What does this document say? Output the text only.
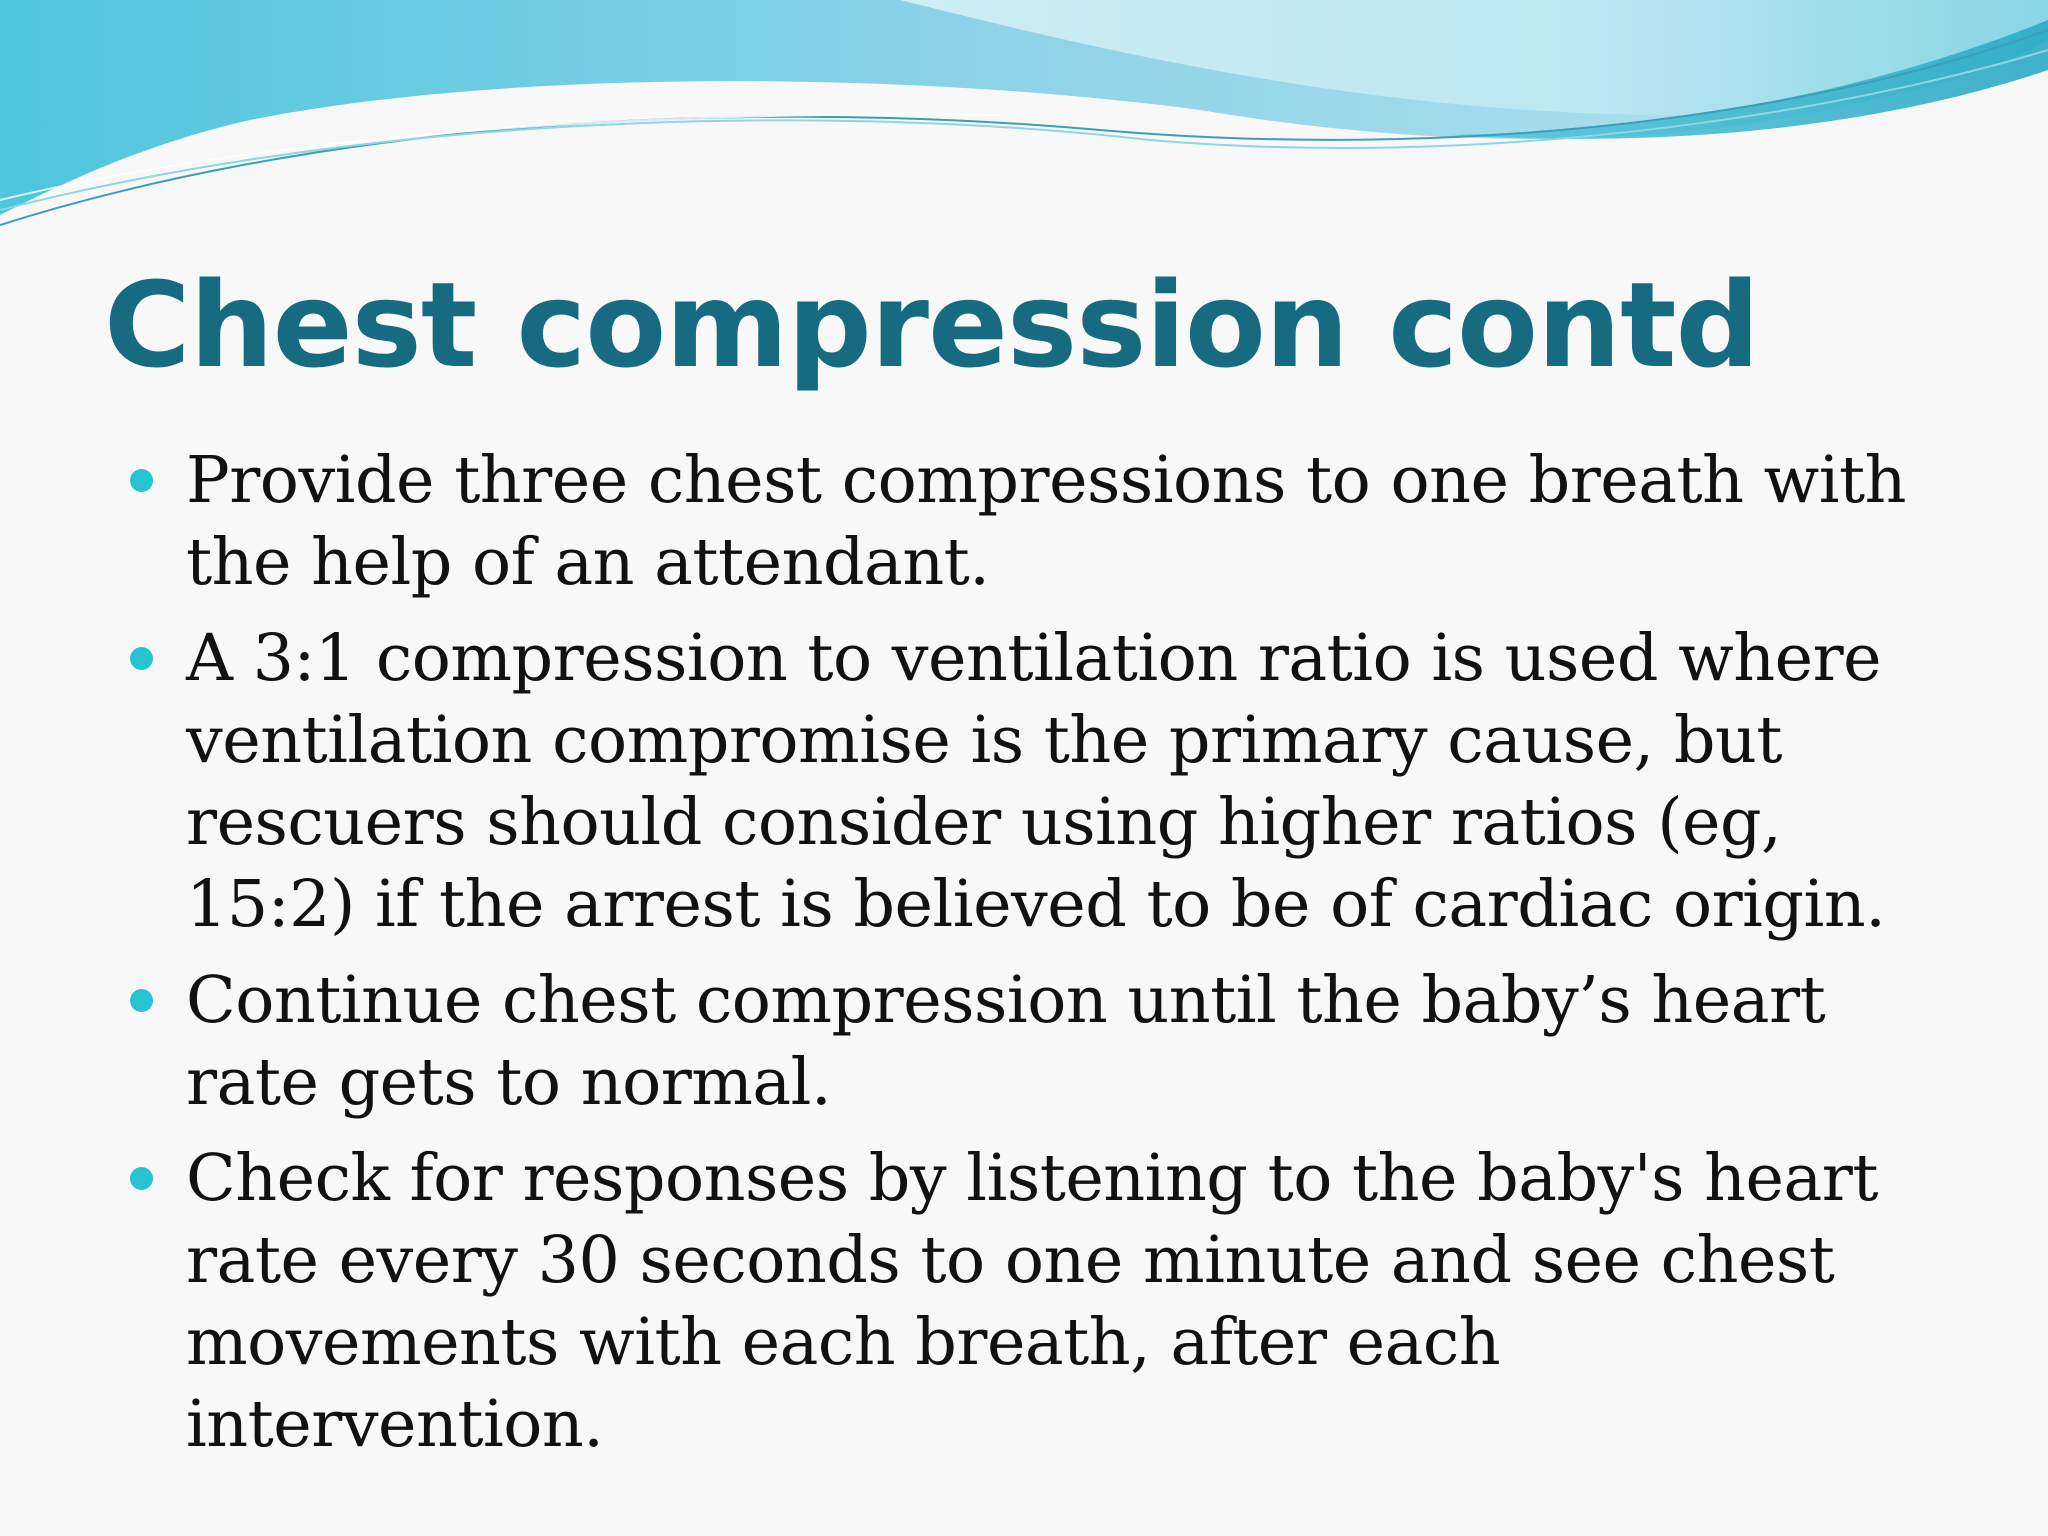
Chest compression contd
Provide three chest compressions to one breath with the help of an attendant.
A 3:1 compression to ventilation ratio is used where ventilation compromise is the primary cause, but rescuers should consider using higher ratios (eg, 15:2) if the arrest is believed to be of cardiac origin.
Continue chest compression until the baby’s heart rate gets to normal.
Check for responses by listening to the baby's heart rate every 30 seconds to one minute and see chest movements with each breath, after each intervention.
